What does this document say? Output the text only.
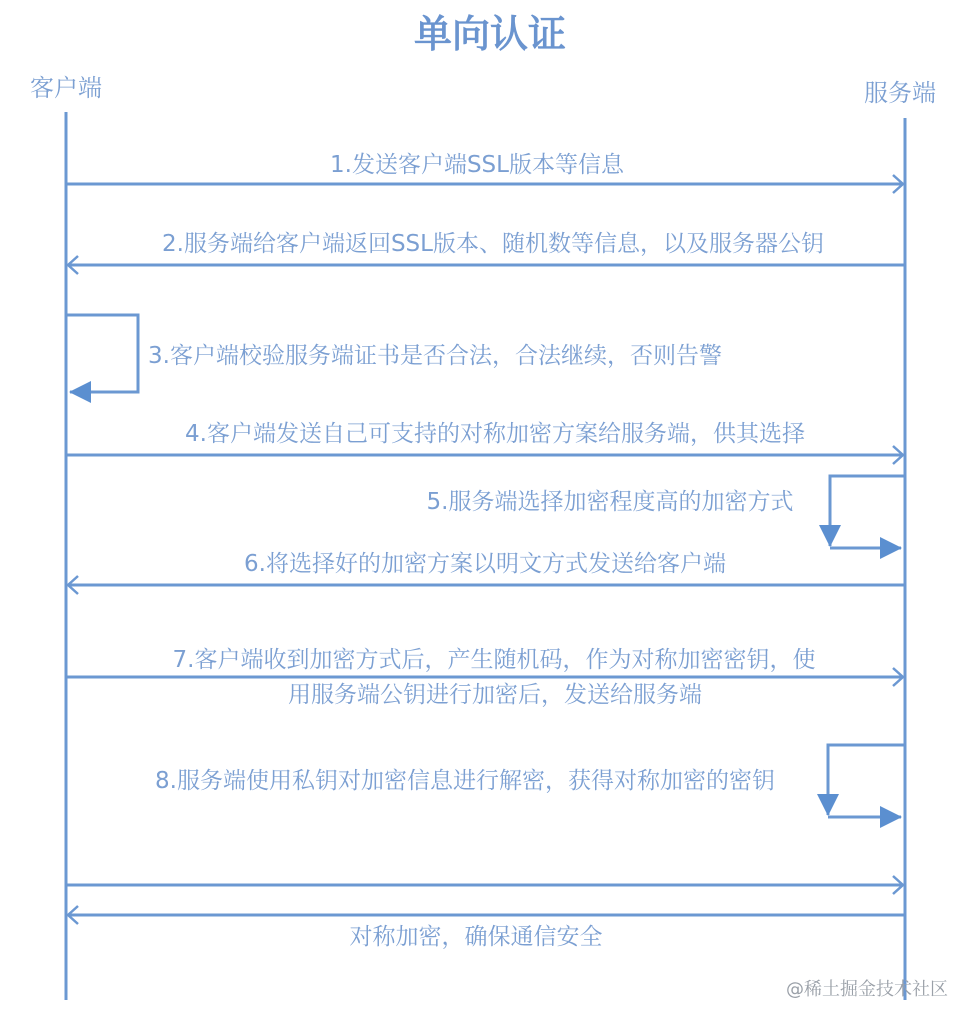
单向认证
客户端	服务端
1.发送客户端SSL版本等信息
2.服务端给客户端返回SSL版本、随机数等信息，以及服务器公钥
3.客户端校验服务端证书是否合法，合法继续，否则告警
4.客户端发送自己可支持的对称加密方案给服务端，供其选择
5.服务端选择加密程度高的加密方式
6.将选择好的加密方案以明文方式发送给客户端
7.客户端收到加密方式后，产生随机码，作为对称加密密钥，使
用服务端公钥进行加密后，发送给服务端
8.服务端使用私钥对加密信息进行解密，获得对称加密的密钥
对称加密，确保通信安全
@稀土掘金技术社区
